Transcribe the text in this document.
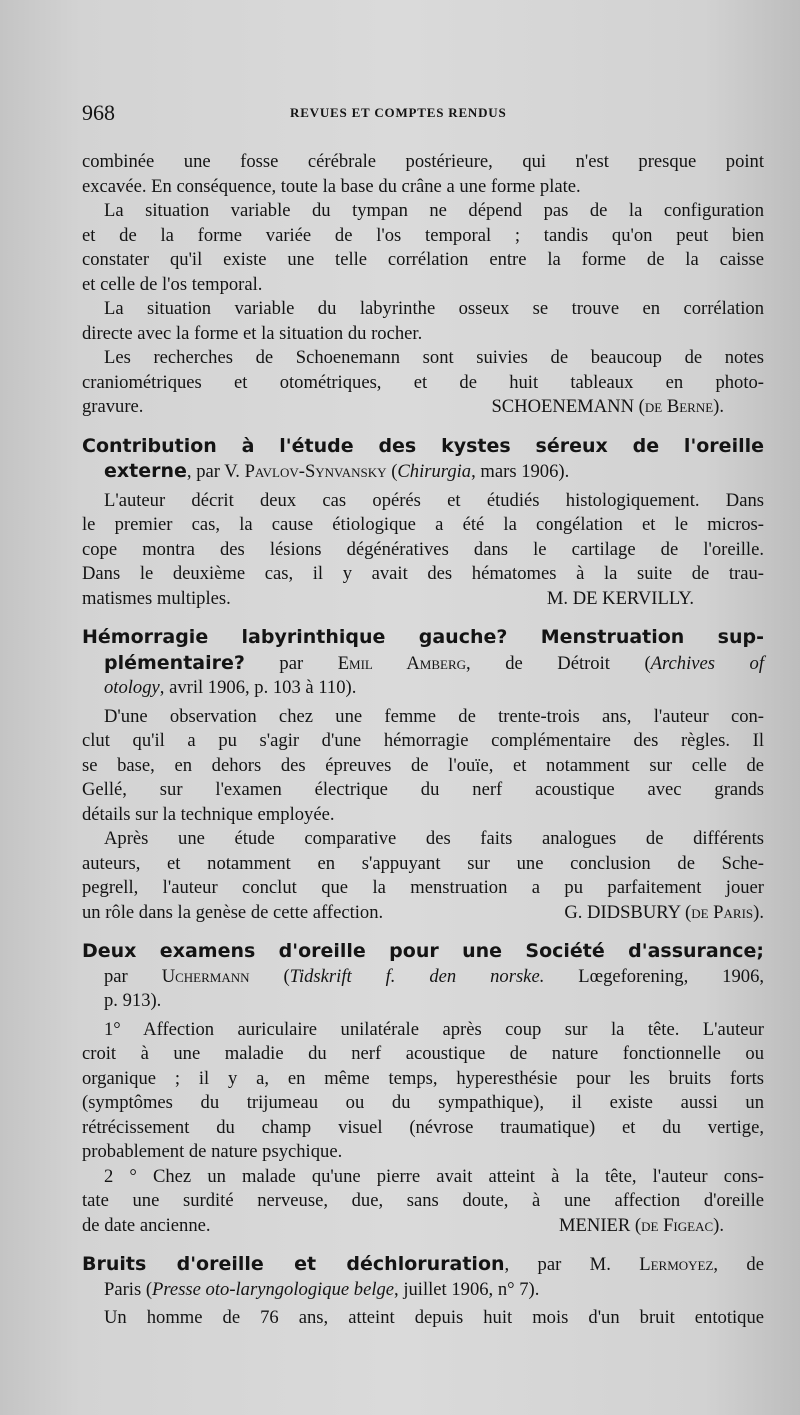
968	REVUES ET COMPTES RENDUS

combinée une fosse cérébrale postérieure, qui n'est presque point

excavée. En conséquence, toute la base du crâne a une forme plate.

La situation variable du tympan ne dépend pas de la configuration

et de la forme variée de l'os temporal ; tandis qu'on peut bien

constater qu'il existe une telle corrélation entre la forme de la caisse

et celle de l'os temporal.

La situation variable du labyrinthe osseux se trouve en corrélation

directe avec la forme et la situation du rocher.

Les recherches de Schoenemann sont suivies de beaucoup de notes

craniométriques et otométriques, et de huit tableaux en photo-

gravure.	SCHOENEMANN (de Berne).

Contribution à l'étude des kystes séreux de l'oreille
externe, par V. Pavlov-Synvansky (Chirurgia, mars 1906).

L'auteur décrit deux cas opérés et étudiés histologiquement. Dans

le premier cas, la cause étiologique a été la congélation et le micros-

cope montra des lésions dégénératives dans le cartilage de l'oreille.

Dans le deuxième cas, il y avait des hématomes à la suite de trau-

matismes multiples.	M. DE KERVILLY.

Hémorragie labyrinthique gauche? Menstruation sup-
plémentaire? par Emil Amberg, de Détroit (Archives of
otology, avril 1906, p. 103 à 110).

D'une observation chez une femme de trente-trois ans, l'auteur con-

clut qu'il a pu s'agir d'une hémorragie complémentaire des règles. Il

se base, en dehors des épreuves de l'ouïe, et notamment sur celle de

Gellé, sur l'examen électrique du nerf acoustique avec grands

détails sur la technique employée.

Après une étude comparative des faits analogues de différents

auteurs, et notamment en s'appuyant sur une conclusion de Sche-

pegrell, l'auteur conclut que la menstruation a pu parfaitement jouer

un rôle dans la genèse de cette affection.	G. DIDSBURY (de Paris).

Deux examens d'oreille pour une Société d'assurance;
par Uchermann (Tidskrift f. den norske. Lœgeforening, 1906,
p. 913).

1° Affection auriculaire unilatérale après coup sur la tête. L'auteur

croit à une maladie du nerf acoustique de nature fonctionnelle ou

organique ; il y a, en même temps, hyperesthésie pour les bruits forts

(symptômes du trijumeau ou du sympathique), il existe aussi un

rétrécissement du champ visuel (névrose traumatique) et du vertige,

probablement de nature psychique.

2 ° Chez un malade qu'une pierre avait atteint à la tête, l'auteur cons-

tate une surdité nerveuse, due, sans doute, à une affection d'oreille

de date ancienne.	MENIER (de Figeac).

Bruits d'oreille et déchloruration, par M. Lermoyez, de
Paris (Presse oto-laryngologique belge, juillet 1906, n° 7).

Un homme de 76 ans, atteint depuis huit mois d'un bruit entotique
